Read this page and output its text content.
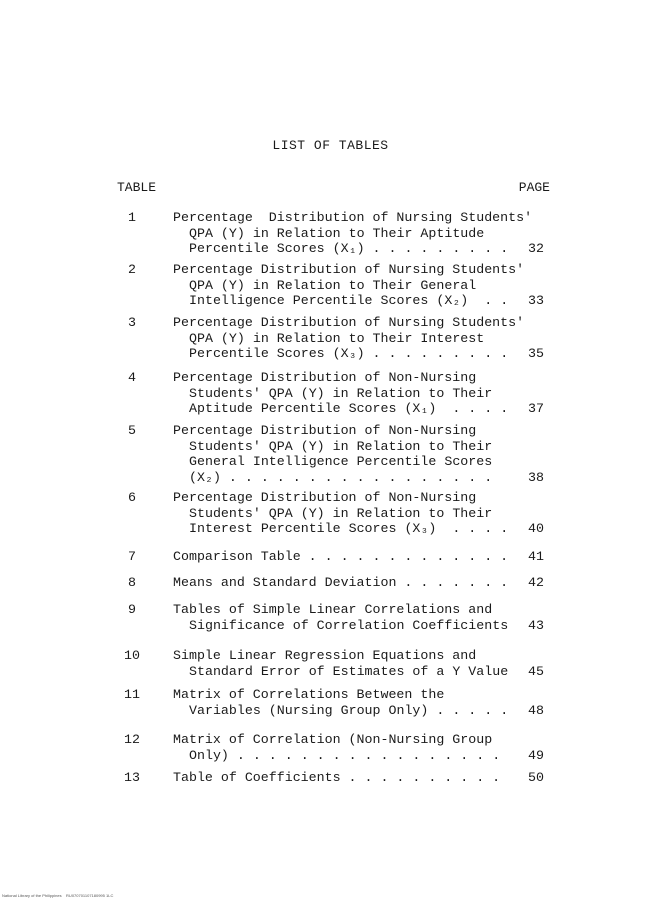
LIST OF TABLES
TABLE	PAGE
1	Percentage  Distribution of Nursing Students'
QPA (Y) in Relation to Their Aptitude
Percentile Scores (X₁) . . . . . . . . . 32
2	Percentage Distribution of Nursing Students'
QPA (Y) in Relation to Their General
Intelligence Percentile Scores (X₂)  . . 33
3	Percentage Distribution of Nursing Students'
QPA (Y) in Relation to Their Interest
Percentile Scores (X₃) . . . . . . . . . 35
4	Percentage Distribution of Non-Nursing
Students' QPA (Y) in Relation to Their
Aptitude Percentile Scores (X₁)  . . . . 37
5	Percentage Distribution of Non-Nursing
Students' QPA (Y) in Relation to Their
General Intelligence Percentile Scores
(X₂) . . . . . . . . . . . . . . . . .	38
6	Percentage Distribution of Non-Nursing
Students' QPA (Y) in Relation to Their
Interest Percentile Scores (X₃)  . . . . 40
7	Comparison Table . . . . . . . . . . . . . 41
8	Means and Standard Deviation . . . . . . . 42
9	Tables of Simple Linear Correlations and
Significance of Correlation Coefficients 43
10	Simple Linear Regression Equations and
Standard Error of Estimates of a Y Value 45
11	Matrix of Correlations Between the
Variables (Nursing Group Only) . . . . . 48
12	Matrix of Correlation (Non-Nursing Group
Only) . . . . . . . . . . . . . . . . . 49
13	Table of Coefficients . . . . . . . . . . 50
National Library of the Philippines    RU070701107180995 1LC
